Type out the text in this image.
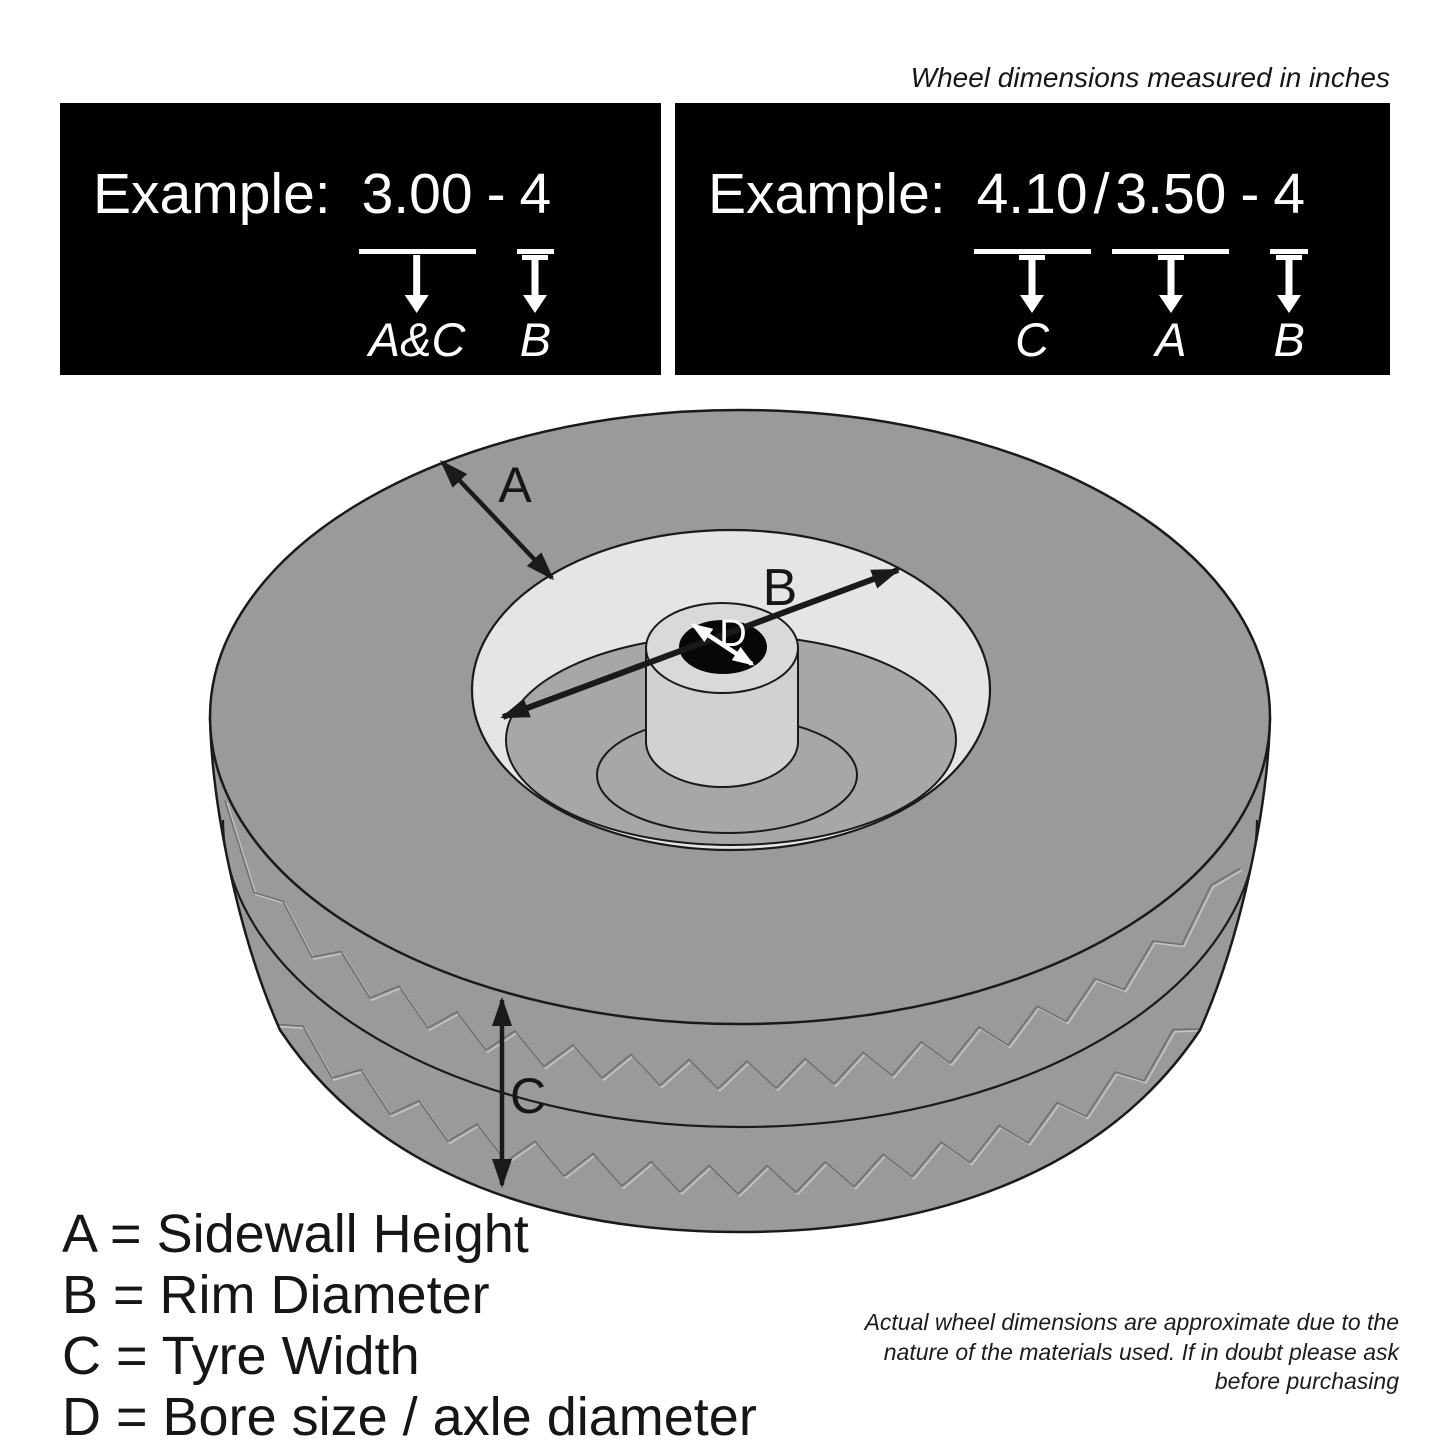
Wheel dimensions measured in inches
Example: 3.00
A&C
- 4
B
Example: 4.10
C
/ 3.50
A
- 4
B
A
B
C
D
A = Sidewall Height
B = Rim Diameter
C = Tyre Width
D = Bore size / axle diameter
Actual wheel dimensions are approximate due to the nature of the materials used. If in doubt please ask before purchasing
